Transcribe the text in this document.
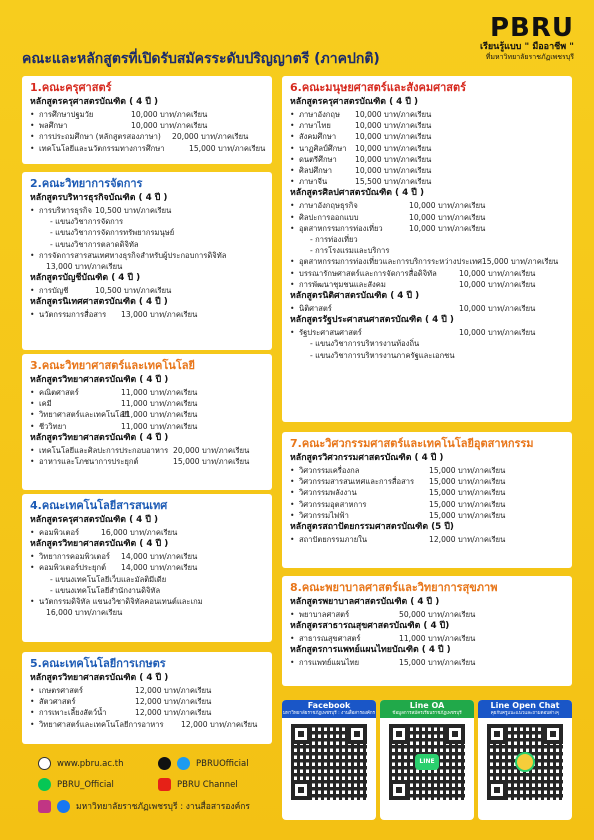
PBRU
เรียนรู้แบบ " มืออาชีพ "
ที่มหาวิทยาลัยราชภัฏเพชรบุรี
คณะและหลักสูตรที่เปิดรับสมัครระดับปริญญาตรี (ภาคปกติ)
1.คณะครุศาสตร์
หลักสูตรครุศาสตรบัณฑิต ( 4 ปี )
• การศึกษาปฐมวัย	10,000 บาท/ภาคเรียน
• พลศึกษา	10,000 บาท/ภาคเรียน
• การประถมศึกษา (หลักสูตรสองภาษา)	20,000 บาท/ภาคเรียน
• เทคโนโลยีและนวัตกรรมทางการศึกษา	15,000 บาท/ภาคเรียน
2.คณะวิทยาการจัดการ
หลักสูตรบริหารธุรกิจบัณฑิต ( 4 ปี )
• การบริหารธุรกิจ 10,500 บาท/ภาคเรียน
- แขนงวิชาการจัดการ
- แขนงวิชาการจัดการทรัพยากรมนุษย์
- แขนงวิชาการตลาดดิจิทัล
• การจัดการสารสนเทศทางธุรกิจสำหรับผู้ประกอบการดิจิทัล
13,000 บาท/ภาคเรียน
หลักสูตรบัญชีบัณฑิต ( 4 ปี )
• การบัญชี	10,500 บาท/ภาคเรียน
หลักสูตรนิเทศศาสตรบัณฑิต ( 4 ปี )
• นวัตกรรมการสื่อสาร	13,000 บาท/ภาคเรียน
3.คณะวิทยาศาสตร์และเทคโนโลยี
หลักสูตรวิทยาศาสตรบัณฑิต ( 4 ปี )
• คณิตศาสตร์	11,000 บาท/ภาคเรียน
• เคมี	11,000 บาท/ภาคเรียน
• วิทยาศาสตร์และเทคโนโลยี
11,000 บาท/ภาคเรียน
• ชีววิทยา	11,000 บาท/ภาคเรียน
หลักสูตรวิทยาศาสตรบัณฑิต ( 4 ปี )
• เทคโนโลยีและศิลปะการประกอบอาหาร 20,000 บาท/ภาคเรียน
• อาหารและโภชนาการประยุกต์	15,000 บาท/ภาคเรียน
4.คณะเทคโนโลยีสารสนเทศ
หลักสูตรครุศาสตรบัณฑิต ( 4 ปี )
• คอมพิวเตอร์	16,000 บาท/ภาคเรียน
หลักสูตรวิทยาศาสตรบัณฑิต ( 4 ปี )
• วิทยาการคอมพิวเตอร์	14,000 บาท/ภาคเรียน
• คอมพิวเตอร์ประยุกต์	14,000 บาท/ภาคเรียน
- แขนงเทคโนโลยีเว็บและมัลติมีเดีย
- แขนงเทคโนโลยีสำนักงานดิจิทัล
• นวัตกรรมดิจิทัล แขนงวิชาดิจิทัลคอนเทนต์และเกม
16,000 บาท/ภาคเรียน
5.คณะเทคโนโลยีการเกษตร
หลักสูตรวิทยาศาสตรบัณฑิต ( 4 ปี )
• เกษตรศาสตร์	12,000 บาท/ภาคเรียน
• สัตวศาสตร์	12,000 บาท/ภาคเรียน
• การเพาะเลี้ยงสัตว์น้ำ	12,000 บาท/ภาคเรียน
• วิทยาศาสตร์และเทคโนโลยีการอาหาร	12,000 บาท/ภาคเรียน
www.pbru.ac.th	PBRUOfficial
PBRU_Official	PBRU Channel
มหาวิทยาลัยราชภัฏเพชรบุรี : งานสื่อสารองค์กร
6.คณะมนุษยศาสตร์และสังคมศาสตร์
หลักสูตรครุศาสตรบัณฑิต ( 4 ปี )
• ภาษาอังกฤษ	10,000 บาท/ภาคเรียน
• ภาษาไทย	10,000 บาท/ภาคเรียน
• สังคมศึกษา	10,000 บาท/ภาคเรียน
• นาฏศิลป์ศึกษา	10,000 บาท/ภาคเรียน
• ดนตรีศึกษา	10,000 บาท/ภาคเรียน
• ศิลปศึกษา	10,000 บาท/ภาคเรียน
• ภาษาจีน	15,500 บาท/ภาคเรียน
หลักสูตรศิลปศาสตรบัณฑิต ( 4 ปี )
• ภาษาอังกฤษธุรกิจ	10,000 บาท/ภาคเรียน
• ศิลปะการออกแบบ	10,000 บาท/ภาคเรียน
• อุตสาหกรรมการท่องเที่ยว	10,000 บาท/ภาคเรียน
- การท่องเที่ยว
- การโรงแรมและบริการ
• อุตสาหกรรมการท่องเที่ยวและการบริการระหว่างประเทศ 15,000 บาท/ภาคเรียน
• บรรณารักษศาสตร์และการจัดการสื่อดิจิทัล	10,000 บาท/ภาคเรียน
• การพัฒนาชุมชนและสังคม	10,000 บาท/ภาคเรียน
หลักสูตรนิติศาสตรบัณฑิต ( 4 ปี )
• นิติศาสตร์	10,000 บาท/ภาคเรียน
หลักสูตรรัฐประศาสนศาสตรบัณฑิต ( 4 ปี )
• รัฐประศาสนศาสตร์	10,000 บาท/ภาคเรียน
- แขนงวิชาการบริหารงานท้องถิ่น
- แขนงวิชาการบริหารงานภาครัฐและเอกชน
7.คณะวิศวกรรมศาสตร์และเทคโนโลยีอุตสาหกรรม
หลักสูตรวิศวกรรมศาสตรบัณฑิต ( 4 ปี )
• วิศวกรรมเครื่องกล	15,000 บาท/ภาคเรียน
• วิศวกรรมสารสนเทศและการสื่อสาร	15,000 บาท/ภาคเรียน
• วิศวกรรมพลังงาน	15,000 บาท/ภาคเรียน
• วิศวกรรมอุตสาหการ	15,000 บาท/ภาคเรียน
• วิศวกรรมไฟฟ้า	15,000 บาท/ภาคเรียน
หลักสูตรสถาปัตยกรรมศาสตรบัณฑิต (5 ปี)
• สถาปัตยกรรมภายใน	12,000 บาท/ภาคเรียน
8.คณะพยาบาลศาสตร์และวิทยาการสุขภาพ
หลักสูตรพยาบาลศาสตรบัณฑิต ( 4 ปี )
• พยาบาลศาสตร์	50,000 บาท/ภาคเรียน
หลักสูตรสาธารณสุขศาสตรบัณฑิต ( 4 ปี)
• สาธารณสุขศาสตร์	11,000 บาท/ภาคเรียน
หลักสูตรการแพทย์แผนไทยบัณฑิต ( 4 ปี )
• การแพทย์แผนไทย	15,000 บาท/ภาคเรียน
Facebook
มหาวิทยาลัยราชภัฏเพชรบุรี : งานสื่อสารองค์กร
Line OA
ข้อมูลการสมัครเรียนราชภัฏเพชรบุรี
LINE
Line Open Chat
คุยกับครูแนะแนวและถามตอบต่างๆ
